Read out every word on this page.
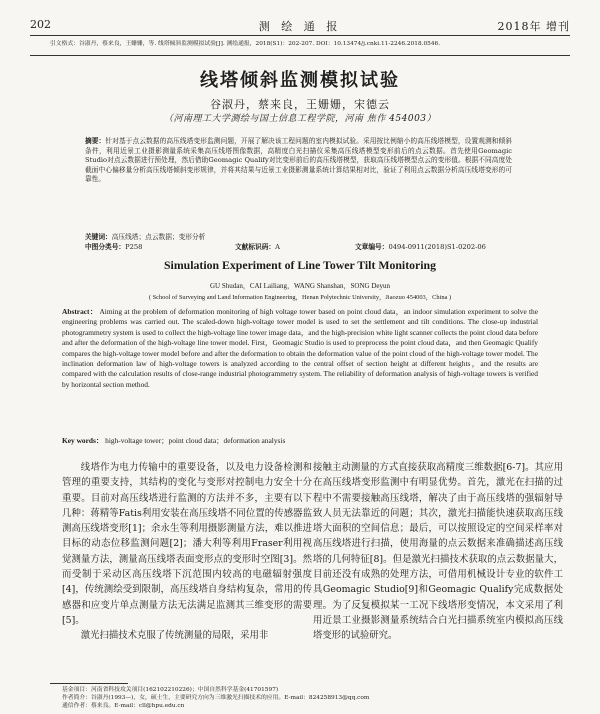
202	测 绘 通 报	2018年 增刊
引文格式：谷淑丹，蔡来良，王姗姗，等. 线塔倾斜监测模拟试验[J]. 测绘通报，2018(S1)：202-207. DOI：10.13474/j.cnki.11-2246.2018.0546.
线塔倾斜监测模拟试验
谷淑丹，蔡来良，王姗姗，宋德云
（河南理工大学测绘与国土信息工程学院，河南 焦作 454003）
摘要：针对基于点云数据的高压线塔变形监测问题，开展了解决该工程问题的室内模拟试验。采用按比例缩小的高压线塔模型，设置观测和倾斜条件，利用近景工业摄影测量系统采集高压线塔图像数据，高精度白光扫描仪采集高压线塔模型变形前后的点云数据。首先使用Geomagic Studio对点云数据进行预处理，然后借助Geomagic Qualify对比变形前后的高压线塔模型，获取高压线塔模型点云的变形值。根据不同高度处截面中心偏移量分析高压线塔倾斜变形规律，并将其结果与近景工业摄影测量系统计算结果相对比，验证了利用点云数据分析高压线塔变形的可靠性。
关键词：高压线塔；点云数据；变形分析
中图分类号：P258	文献标识码：A	文章编号：0494-0911(2018)S1-0202-06
Simulation Experiment of Line Tower Tilt Monitoring
GU Shudan，CAI Lailiang，WANG Shanshan，SONG Deyun
( School of Surveying and Land Information Engineering，Henan Polytechnic University，Jiaozuo 454003，China )
Abstract： Aiming at the problem of deformation monitoring of high voltage tower based on point cloud data，an indoor simulation experiment to solve the engineering problems was carried out. The scaled-down high-voltage tower model is used to set the settlement and tilt conditions. The close-up industrial photogrammetry system is used to collect the high-voltage line tower image data，and the high-precision white light scanner collects the point cloud data before and after the deformation of the high-voltage line tower model. First，Geomagic Studio is used to preprocess the point cloud data，and then Geomagic Qualify compares the high-voltage tower model before and after the deformation to obtain the deformation value of the point cloud of the high-voltage tower model. The inclination deformation law of high-voltage towers is analyzed according to the central offset of section height at different heights，and the results are compared with the calculation results of close-range industrial photogrammetry system. The reliability of deformation analysis of high-voltage towers is verified by horizontal section method.
Key words： high-voltage tower；point cloud data；deformation analysis

线塔作为电力传输中的重要设备，以及电力设备检测和管理的重要支持，其结构的变化与变形对控制电力安全十分重要。目前对高压线塔进行监测的方法并不多，主要有以下几种：蒋精等Fatis利用安装在高压线塔不同位置的传感器监测高压线塔变形[1]；余永生等利用摄影测量方法，难以推进目标的动态位移监测问题[2]；潘大利等利用Fraser利用视觉测量方法，测量高压线塔表面变形点的变形时空图[3]。然而受制于采动区高压线塔下沉范围内较高的电磁辐射强度[4]，传统测绘受到限制，高压线塔自身结构复杂，常用的传感器和应变片单点测量方法无法满足监测其三维变形的需要[5]。

激光扫描技术克服了传统测量的局限，采用非

接触主动测量的方式直接获取高精度三维数据[6-7]。其应用在高压线塔变形监测中有明显优势。首先，激光在扫描的过程中不需要接触高压线塔，解决了由于高压线塔的强辐射导致人员无法靠近的问题；其次，激光扫描能快速获取高压线塔大面积的空间信息；最后，可以按照设定的空间采样率对高压线塔进行扫描，使用海量的点云数据来准确描述高压线塔的几何特征[8]。但是激光扫描技术获取的点云数据量大，目前还没有成熟的处理方法，可借用机械设计专业的软件工具Geomagic Studio[9]和Geomagic Qualify完成数据处理。为了反复模拟某一工况下线塔形变情况，本文采用了利用近景工业摄影测量系统结合白光扫描系统室内模拟高压线塔变形的试验研究。

基金项目：河南省科技攻关项目(162102210226)；中国自然科学基金(41701597)
作者简介：谷淑丹(1993—)，女，硕士生，主要研究方向为三维激光扫描技术的应用。E-mail：824258913@qq.com
通信作者：蔡来良。E-mail：cll@hpu.edu.cn
